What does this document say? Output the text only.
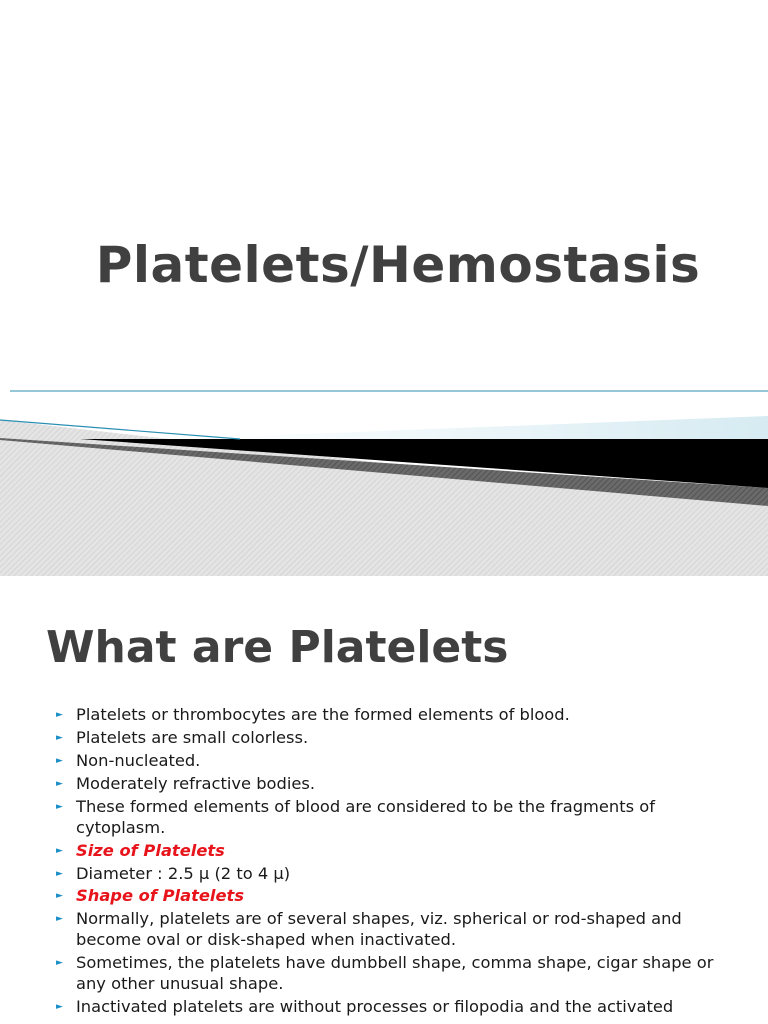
Platelets/Hemostasis
What are Platelets
► Platelets or thrombocytes are the formed elements of blood.
► Platelets are small colorless.
► Non-nucleated.
► Moderately refractive bodies.
► These formed elements of blood are considered to be the fragments of cytoplasm.
► Size of Platelets
► Diameter : 2.5 μ (2 to 4 μ)
► Shape of Platelets
► Normally, platelets are of several shapes, viz. spherical or rod-shaped and become oval or disk-shaped when inactivated.
► Sometimes, the platelets have dumbbell shape, comma shape, cigar shape or any other unusual shape.
► Inactivated platelets are without processes or filopodia and the activated
